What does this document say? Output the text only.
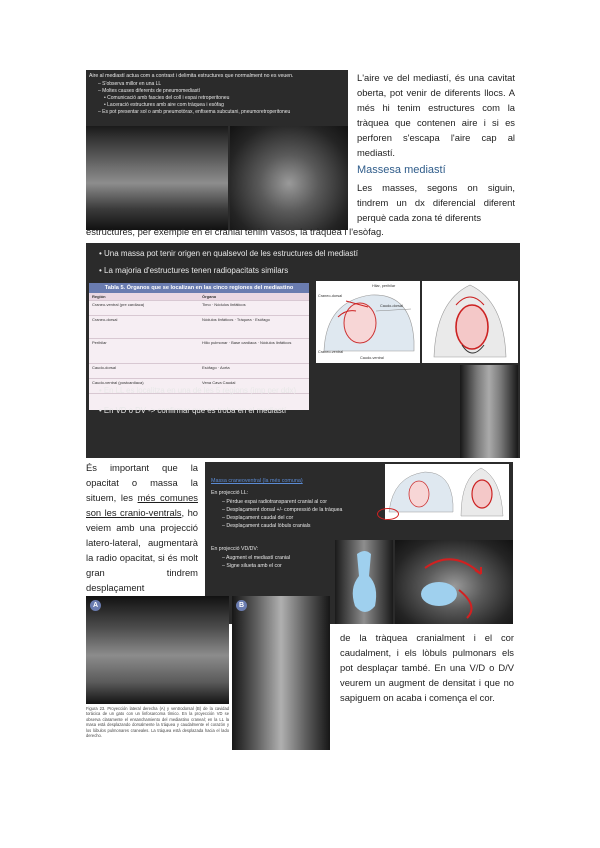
Aire al mediastí actua com a contrast i delimita estructures que normalment no es veuen.
– S'observa millor en una LL
– Moltes causes diferents de pneumomediastí
• Comunicació amb fascies del coll i espai retroperitoneu
• Laceració estructures amb aire com tràquea i esòfag
– Es pot presentar sol o amb pneumotòrax, enfisema subcutani, pneumoretroperitoneu
L'aire ve del mediastí, és una cavitat oberta, pot venir de diferents llocs. A més hi tenim estructures com la tràquea que contenen aire i si es perforen s'escapa l'aire cap al mediastí.
Massesa mediastí
Les masses, segons on siguin, tindrem un dx diferencial diferent perquè cada zona té diferents
estructures, per exemple en el cranial tenim vasos, la tràquea i l'esòfag.
• Una massa pot tenir origen en qualsevol de les estructures del mediastí
• La majoria d'estructures tenen radiopacitats similars
Tabla 5. Órganos que se localizan en las cinco regiones del mediastino
Región	Órgano
Craneo-ventral (pre cardiaca)	Timo · Nódulos linfáticos
Craneo-dorsal	Nódulos linfáticos · Tráquea · Esófago
Perihilar	Hilio pulmonar · Base cardiaca · Nódulos linfáticos
Caudo-dorsal	Esófago · Aorta
Caudo-ventral (postcardiaca)	Vena Cava Caudal
Hilar, perihilar
Craneo-dorsal
Caudo-dorsal
Craneo-ventral
Caudo-ventral
• En LL es localitza en una de les 5 regions (imp per ddx)
• En VD o DV -> confirmar que es troba en el mediastí
És important que la opacitat o massa la situem, les més comunes son les cranio-ventrals, ho veiem amb una projecció latero-lateral, augmentarà la radio opacitat, si és molt gran tindrem desplaçament
Massa craneoventral (la més comuna)
En projecció LL:
– Pèrdue espai radiotransparent cranial al cor
– Desplaçament dorsal +/- compressió de la tràquea
– Desplaçament caudal del cor
– Desplaçament caudal lòbuls cranials
En projecció VD/DV:
– Augment el mediastí cranial
– Signe silueta amb el cor
A	B
Figura 23. Proyección lateral derecha (A) y ventrodorsal (B) de la cavidad torácica de un gato con un linfosarcoma tímico. En la proyección VD se observa claramente el ensanchamiento del mediastino craneal; en la LL la masa está desplazando dorsalmente la tráquea y caudalmente el corazón y los lóbulos pulmonares craneales. La tráquea está desplazada hacia el lado derecho.
de la tràquea cranialment i el cor caudalment, i els lòbuls pulmonars els pot desplaçar també. En una V/D o D/V veurem un augment de densitat i que no sapiguem on acaba i comença el cor.
